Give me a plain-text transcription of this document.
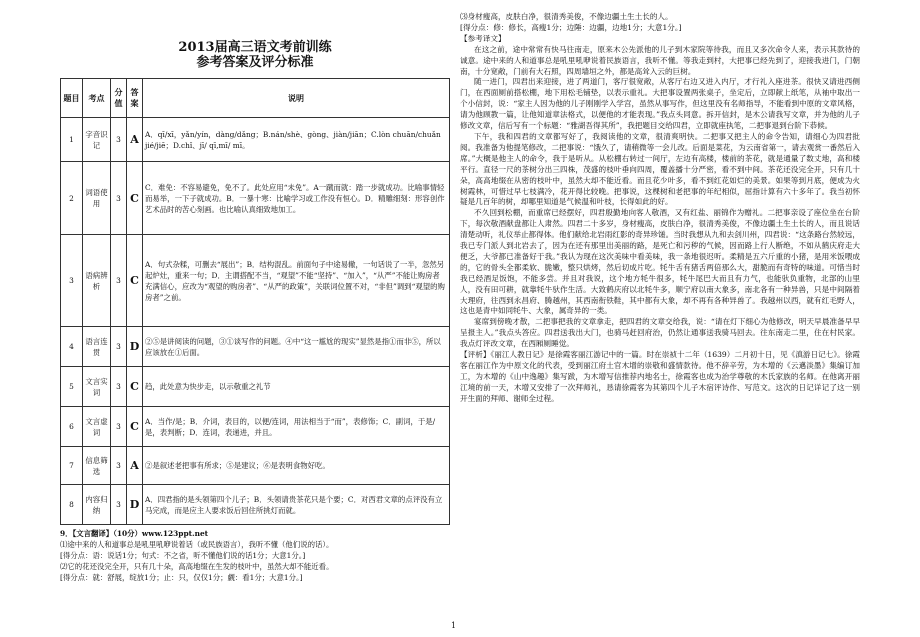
2013届高三语文考前训练
参考答案及评分标准
题目	考点	分值	答案	说明
1	字音识记	3	A	A．qī/xī，yǎn/yín，dàng/dǎng；B.nán/shè、gòng、jiàn/jiān；C.lòn chuān/chuǎn jié/jiē；D.chǐ、jī/ qī,mī/ mī。
2	词语使用	3	C	C．难免：不容易避免，免不了。此处应用“未免”。A一蹴而就：踏一步就成功。比喻事情轻而易举，一下子就成功。B．一暴十寒：比喻学习或工作没有恒心。D．精雕细刻：形容创作艺术品时的苦心刻画。也比喻认真细致地加工。
3	语病辨析	3	C	A．句式杂糅，可删去“展出”；B．结构混乱。前面句子中途易辙，一句话说了一半，忽然另起炉灶，重来一句；D．主谓搭配不当，“观望”不能“坚持”、“加入”，“从严”不能让购房者充满信心，应改为“观望的购房者”、“从严的政策”，关联词位置不对，“非但”调到“观望的购房者”之前。
4	语言连贯	3	D	②⑤是讲阅读的问题，③①谈写作的问题。④中“这一尴尬的现实”显然是指①而非⑤，所以应该放在①后面。
5	文言实词	3	C	趋，此处意为快步走，以示敬重之礼节
6	文言虚词	3	C	A．当作/是；B．介词，表目的，以便/连词，用法相当于“而”，表修饰；C．副词，于是/是，表判断；D．连词，表递进，并且。
7	信息筛选	3	A	②是叙述老把事有所求；⑤是建议；⑥是表明食物好吃。
8	内容归纳	3	D	A．四君指的是头领第四个儿子；B．头领请贵茶花只是个要；C．对西君文章的点评没有立马完成，而是应主人要求饭后回住所挑灯而就。
9．【文言翻译】（10分）www.123ppt.net
⑴途中来的人和道事总是吼里吼咿说着话（或民族语言），我听不懂（他们说的话）。
[得分点：语：说话1分；句式：不之省，听不懂他们说的话1分；大意1分。]
⑵它的花还没完全开，只有几十朵，高高地缀在生发的枝叶中，虽然大却不能近看。
[得分点：就：舒展，绽放1分；止：只，仅仅1分；觑：看1分；大意1分。]

⑶身材瘦高，皮肤白净，很清秀美俊，不像边疆土生土长的人。

[得分点：修：修长，高瘦1分；边陲：边疆，边地1分；大意1分。]

【参考译文】

在这之前，途中常常有快马往南走，原来木公先派他的儿子到木家院等待我，而且又多次命令人来，表示其款待的诚意。途中来的人和道事总是吼里吼咿说着民族语言，我听不懂。等我走到村，大把事已经先到了，迎接我进门，门朝南，十分宽敞，门前有大石照，四周墙垣之外，都是高耸入云的巨树。

随一进门，四君出来迎接，进了两道门，客厅很宽敞，从客厅右边又进入内厅，才行礼入座进茶。很快又请进西侧门，在西面厕前搭松棚，地下用松毛铺垫，以表示重礼。大把事设置两张桌子，坐定后，立即献上纸笔，从袖中取出一个小信封，说：“家主人因为他的儿子刚刚学入学宫，虽然从事写作，但这里没有名师指导，不能看到中原的文章风格，请为他顾教一篇，让他知道章法格式，以便他的才能表现。”我点头同意。拆开信封，是木公请我写文章，并为他的儿子修改文章，信后写有一个标题：“雅湖吾得其所”，我把题目交给四君，立即就座执笔，二把事退到台阶下恭候。

下午，我和四君的文章都写好了，我阅读他的文章，很清爽明快。二把事又把主人的命令告知，请细心为四君批阅。我准备为他提笔修改，二把事说：“饿久了，请稍微等一会儿改。后面是菜花，为云南省第一，请去观赏一番然后入席。”大概是他主人的命令，我于是听从。从松棚右转过一间厅，左边有高楼，楼前的茶花，就是通量了数丈地，高和楼平行。直径一尺的茶树分出三四株，茂盛的枝叶垂向四周，覆盖播十分严密，看不到中间。茶花还没完全开，只有几十朵，高高地缀在从密的枝叶中，虽然大却不能近看。而且花少叶多，看不到红花如烂的美景。如果等到月底，便成为火树霞林，可惜过早七枝满冷，花开得比较晚。把事说，这棵树和老把事的年纪相似，屈指计算有六十多年了。我当初怀疑是几百年的树，却哪里知道是气候温和叶枝，长得如此的好。

不久回到松棚，而重席已经摆好，四君殷勤地向客人敬酒，又有红盐、丽锦作为赠礼。二把事亲设了座位坐在台阶下，每次敬酒献盘都让人肃然。四君二十多岁，身材瘦高，皮肤白净，很清秀美俊，不像边疆土生土长的人，而且说话清楚动听，礼仪举止都得体。他们献给北岩雨红影的奇异珍馐。当时我想从九和去剑川州，四君说：“这条路台然较远，我已专门派人到北岩去了，因为在还有那里出美丽的路，是死亡和污秽的气候，因而路上行人断绝，不如从鹤庆府走大便乏，大爷都已准备好于我。”我认为现在这次美味中看美味，我一条地很迟听。柔精是五六斤重的小猪，是用米饭喂成的，它的骨头全都柔软、脆嫩，整只烘烤，然后切成片吃。牦牛舌有猪舌两倍那么大，甜脆而有奇特的味道。可惜当时我已经酒足饭饱，不能多尝。并且对我说，这个地方牦牛很多，牦牛尾巴大而且有力气，也能驮负重物，北部的山里人，没有田可耕，就靠牦牛驮作生活。大致鹤庆府以北牦牛多，顺宁府以南大象多，南北各有一种异兽，只是中间隔着大理府，往西到永昌府、腾越州，其西南衔铁鞋，其中都有大象，却不再有各种异兽了。我越州以西，就有红毛野人，这也是青中如同牦牛、大象，属奇异的一类。

宴席到傍晚才散，二把事把我的文章拿走，把四君的文章交给我，说：“请在灯下细心为他修改，明天早晨准备早早呈报主人。”我点头答应。四君送我出大门，也骑马赶回府治，仍然让通事送我骑马回去。往东南走二里，住在村民家。我点灯评改文章，在西厢厕睡觉。

【评析】《丽江人教日记》是徐霞客丽江游记中的一篇。时在崇祯十二年（1639）二月初十日，见《滇游日记七》。徐霞客在丽江作为中原文化的代表，受到丽江府土官木增的崇敬和盛情款待。他不辞辛劳，为木增的《云邁淡墨》集编订加工，为木增的《山中逸趣》集写跋，为木增写信推荐内地名士，徐霞客也成为治学尊敬的木氏家族的名师。在他离开丽江境的前一天，木增又安排了一次拜师礼，恳请徐霞客为其第四个儿子木宿评诗作、写范文。这次的日记详记了这一别开生面的拜师、谢师全过程。

1
